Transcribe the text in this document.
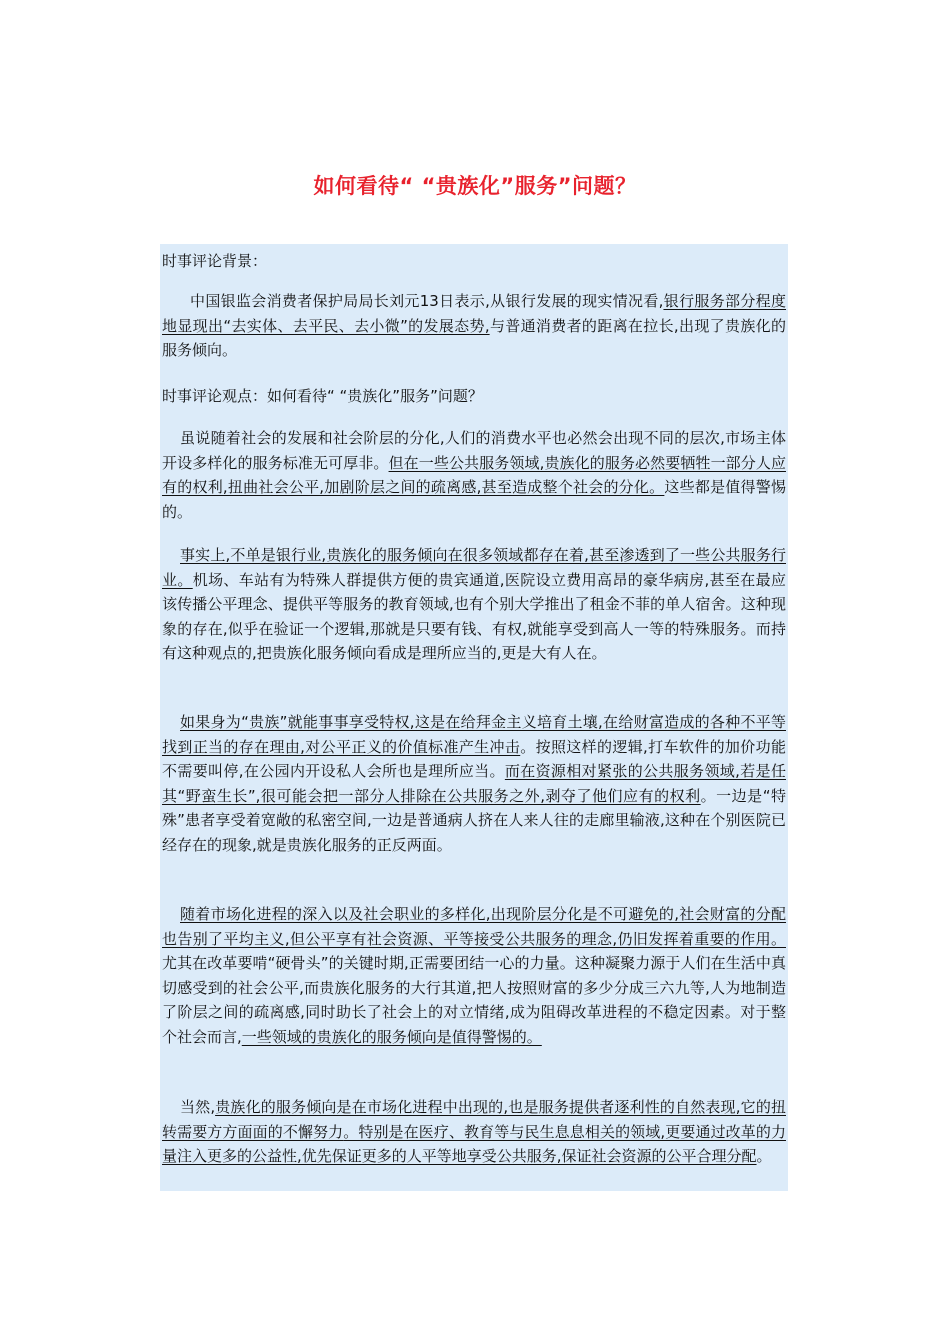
如何看待“ “贵族化”服务”问题？

时事评论背景：

中国银监会消费者保护局局长刘元13日表示,从银行发展的现实情况看,银行服务部分程度地显现出“去实体、去平民、去小微”的发展态势,与普通消费者的距离在拉长,出现了贵族化的服务倾向。

时事评论观点：如何看待“ “贵族化”服务”问题？

虽说随着社会的发展和社会阶层的分化,人们的消费水平也必然会出现不同的层次,市场主体开设多样化的服务标准无可厚非。但在一些公共服务领域,贵族化的服务必然要牺牲一部分人应有的权利,扭曲社会公平,加剧阶层之间的疏离感,甚至造成整个社会的分化。这些都是值得警惕的。

事实上,不单是银行业,贵族化的服务倾向在很多领域都存在着,甚至渗透到了一些公共服务行业。机场、车站有为特殊人群提供方便的贵宾通道,医院设立费用高昂的豪华病房,甚至在最应该传播公平理念、提供平等服务的教育领域,也有个别大学推出了租金不菲的单人宿舍。这种现象的存在,似乎在验证一个逻辑,那就是只要有钱、有权,就能享受到高人一等的特殊服务。而持有这种观点的,把贵族化服务倾向看成是理所应当的,更是大有人在。

如果身为“贵族”就能事事享受特权,这是在给拜金主义培育土壤,在给财富造成的各种不平等找到正当的存在理由,对公平正义的价值标准产生冲击。按照这样的逻辑,打车软件的加价功能不需要叫停,在公园内开设私人会所也是理所应当。而在资源相对紧张的公共服务领域,若是任其“野蛮生长”,很可能会把一部分人排除在公共服务之外,剥夺了他们应有的权利。一边是“特殊”患者享受着宽敞的私密空间,一边是普通病人挤在人来人往的走廊里输液,这种在个别医院已经存在的现象,就是贵族化服务的正反两面。

随着市场化进程的深入以及社会职业的多样化,出现阶层分化是不可避免的,社会财富的分配也告别了平均主义,但公平享有社会资源、平等接受公共服务的理念,仍旧发挥着重要的作用。尤其在改革要啃“硬骨头”的关键时期,正需要团结一心的力量。这种凝聚力源于人们在生活中真切感受到的社会公平,而贵族化服务的大行其道,把人按照财富的多少分成三六九等,人为地制造了阶层之间的疏离感,同时助长了社会上的对立情绪,成为阻碍改革进程的不稳定因素。对于整个社会而言,一些领域的贵族化的服务倾向是值得警惕的。

当然,贵族化的服务倾向是在市场化进程中出现的,也是服务提供者逐利性的自然表现,它的扭转需要方方面面的不懈努力。特别是在医疗、教育等与民生息息相关的领域,更要通过改革的力量注入更多的公益性,优先保证更多的人平等地享受公共服务,保证社会资源的公平合理分配。
